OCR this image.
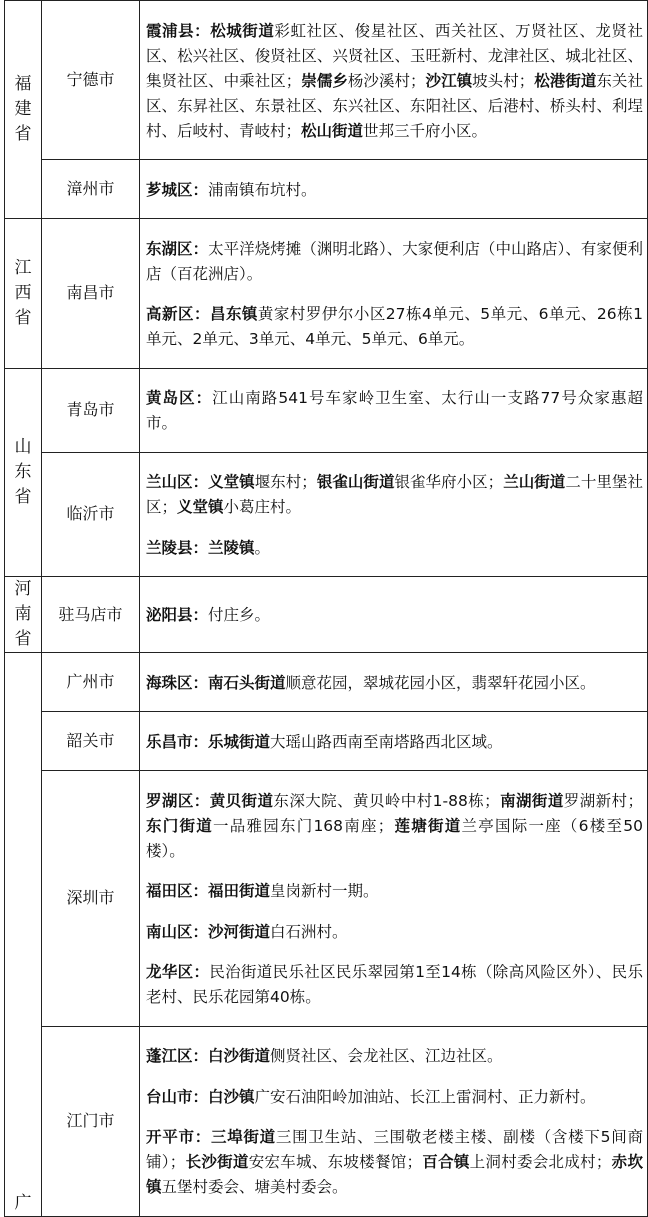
福建省	宁德市	霞浦县：松城街道彩虹社区、俊星社区、西关社区、万贤社区、龙贤社区、松兴社区、俊贤社区、兴贤社区、玉旺新村、龙津社区、城北社区、集贤社区、中乘社区；崇儒乡杨沙溪村；沙江镇坡头村；松港街道东关社区、东昇社区、东景社区、东兴社区、东阳社区、后港村、桥头村、利埕村、后岐村、青岐村；松山街道世邦三千府小区。

	漳州市	芗城区：浦南镇布坑村。

江西省	南昌市	东湖区：太平洋烧烤摊（渊明北路）、大家便利店（中山路店）、有家便利店（百花洲店）。

高新区：昌东镇黄家村罗伊尔小区27栋4单元、5单元、6单元、26栋1单元、2单元、3单元、4单元、5单元、6单元。

山东省	青岛市	黄岛区：江山南路541号车家岭卫生室、太行山一支路77号众家惠超市。

	临沂市	兰山区：义堂镇堰东村；银雀山街道银雀华府小区；兰山街道二十里堡社区；义堂镇小葛庄村。

兰陵县：兰陵镇。

河南省	驻马店市	泌阳县：付庄乡。

广	广州市	海珠区：南石头街道顺意花园，翠城花园小区，翡翠轩花园小区。

	韶关市	乐昌市：乐城街道大瑶山路西南至南塔路西北区域。

	深圳市	罗湖区：黄贝街道东深大院、黄贝岭中村1-88栋；南湖街道罗湖新村；东门街道一品雅园东门168南座；莲塘街道兰亭国际一座（6楼至50楼）。

福田区：福田街道皇岗新村一期。

南山区：沙河街道白石洲村。

龙华区：民治街道民乐社区民乐翠园第1至14栋（除高风险区外）、民乐老村、民乐花园第40栋。

	江门市	蓬江区：白沙街道侧贤社区、会龙社区、江边社区。

台山市：白沙镇广安石油阳岭加油站、长江上雷洞村、正力新村。

开平市：三埠街道三围卫生站、三围敬老楼主楼、副楼（含楼下5间商铺）；长沙街道安宏车城、东坡楼餐馆；百合镇上洞村委会北成村；赤坎镇五堡村委会、塘美村委会。
